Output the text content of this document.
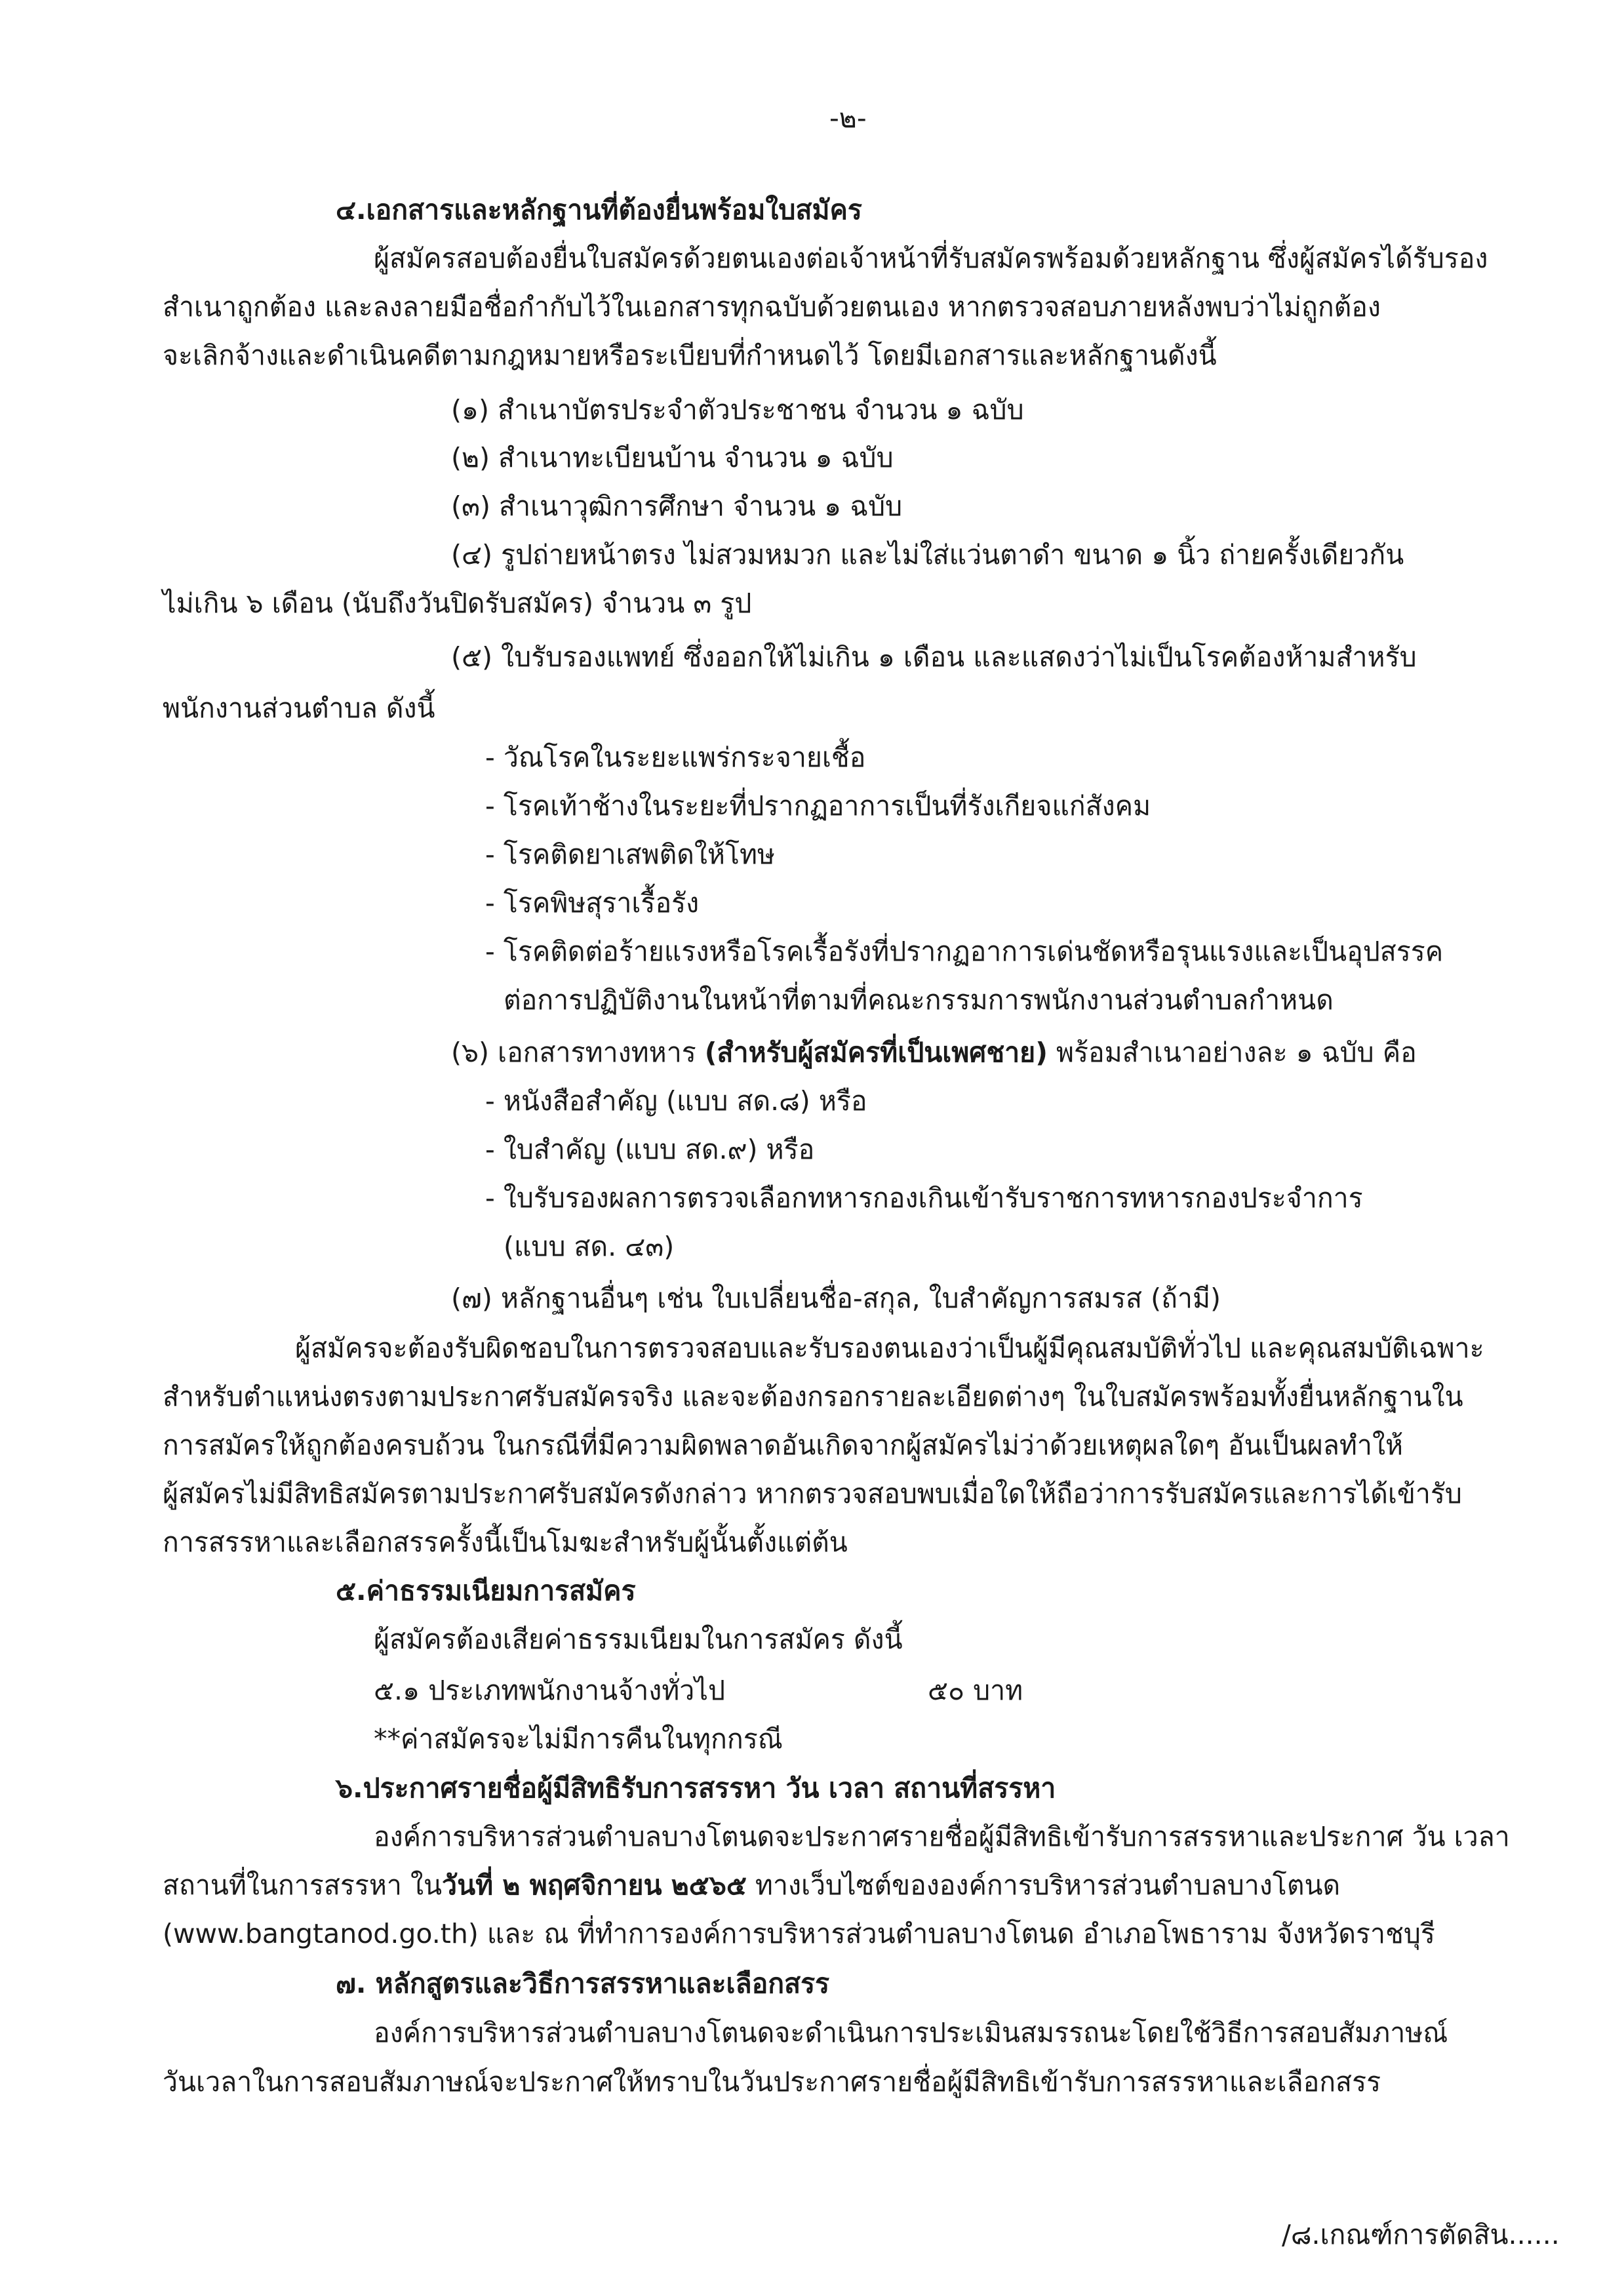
-๒-
๔.เอกสารและหลักฐานที่ต้องยื่นพร้อมใบสมัคร
ผู้สมัครสอบต้องยื่นใบสมัครด้วยตนเองต่อเจ้าหน้าที่รับสมัครพร้อมด้วยหลักฐาน ซึ่งผู้สมัครได้รับรอง
สำเนาถูกต้อง และลงลายมือชื่อกำกับไว้ในเอกสารทุกฉบับด้วยตนเอง หากตรวจสอบภายหลังพบว่าไม่ถูกต้อง
จะเลิกจ้างและดำเนินคดีตามกฎหมายหรือระเบียบที่กำหนดไว้ โดยมีเอกสารและหลักฐานดังนี้
(๑) สำเนาบัตรประจำตัวประชาชน จำนวน ๑ ฉบับ
(๒) สำเนาทะเบียนบ้าน จำนวน ๑ ฉบับ
(๓) สำเนาวุฒิการศึกษา จำนวน ๑ ฉบับ
(๔) รูปถ่ายหน้าตรง ไม่สวมหมวก และไม่ใส่แว่นตาดำ ขนาด ๑ นิ้ว ถ่ายครั้งเดียวกัน
ไม่เกิน ๖ เดือน (นับถึงวันปิดรับสมัคร) จำนวน ๓ รูป
(๕) ใบรับรองแพทย์ ซึ่งออกให้ไม่เกิน ๑ เดือน และแสดงว่าไม่เป็นโรคต้องห้ามสำหรับ
พนักงานส่วนตำบล ดังนี้
- วัณโรคในระยะแพร่กระจายเชื้อ
- โรคเท้าช้างในระยะที่ปรากฏอาการเป็นที่รังเกียจแก่สังคม
- โรคติดยาเสพติดให้โทษ
- โรคพิษสุราเรื้อรัง
- โรคติดต่อร้ายแรงหรือโรคเรื้อรังที่ปรากฏอาการเด่นชัดหรือรุนแรงและเป็นอุปสรรค
ต่อการปฏิบัติงานในหน้าที่ตามที่คณะกรรมการพนักงานส่วนตำบลกำหนด
(๖) เอกสารทางทหาร (สำหรับผู้สมัครที่เป็นเพศชาย) พร้อมสำเนาอย่างละ ๑ ฉบับ คือ
- หนังสือสำคัญ (แบบ สด.๘) หรือ
- ใบสำคัญ (แบบ สด.๙) หรือ
- ใบรับรองผลการตรวจเลือกทหารกองเกินเข้ารับราชการทหารกองประจำการ
(แบบ สด. ๔๓)
(๗) หลักฐานอื่นๆ เช่น ใบเปลี่ยนชื่อ-สกุล, ใบสำคัญการสมรส (ถ้ามี)
ผู้สมัครจะต้องรับผิดชอบในการตรวจสอบและรับรองตนเองว่าเป็นผู้มีคุณสมบัติทั่วไป และคุณสมบัติเฉพาะ
สำหรับตำแหน่งตรงตามประกาศรับสมัครจริง และจะต้องกรอกรายละเอียดต่างๆ ในใบสมัครพร้อมทั้งยื่นหลักฐานใน
การสมัครให้ถูกต้องครบถ้วน ในกรณีที่มีความผิดพลาดอันเกิดจากผู้สมัครไม่ว่าด้วยเหตุผลใดๆ อันเป็นผลทำให้
ผู้สมัครไม่มีสิทธิสมัครตามประกาศรับสมัครดังกล่าว หากตรวจสอบพบเมื่อใดให้ถือว่าการรับสมัครและการได้เข้ารับ
การสรรหาและเลือกสรรครั้งนี้เป็นโมฆะสำหรับผู้นั้นตั้งแต่ต้น
๕.ค่าธรรมเนียมการสมัคร
ผู้สมัครต้องเสียค่าธรรมเนียมในการสมัคร ดังนี้
๕.๑ ประเภทพนักงานจ้างทั่วไป	๕๐ บาท
**ค่าสมัครจะไม่มีการคืนในทุกกรณี
๖.ประกาศรายชื่อผู้มีสิทธิรับการสรรหา วัน เวลา สถานที่สรรหา
องค์การบริหารส่วนตำบลบางโตนดจะประกาศรายชื่อผู้มีสิทธิเข้ารับการสรรหาและประกาศ วัน เวลา
สถานที่ในการสรรหา ในวันที่ ๒ พฤศจิกายน ๒๕๖๕ ทางเว็บไซต์ขององค์การบริหารส่วนตำบลบางโตนด
(www.bangtanod.go.th) และ ณ ที่ทำการองค์การบริหารส่วนตำบลบางโตนด อำเภอโพธาราม จังหวัดราชบุรี
๗. หลักสูตรและวิธีการสรรหาและเลือกสรร
องค์การบริหารส่วนตำบลบางโตนดจะดำเนินการประเมินสมรรถนะโดยใช้วิธีการสอบสัมภาษณ์
วันเวลาในการสอบสัมภาษณ์จะประกาศให้ทราบในวันประกาศรายชื่อผู้มีสิทธิเข้ารับการสรรหาและเลือกสรร
/๘.เกณฑ์การตัดสิน......
